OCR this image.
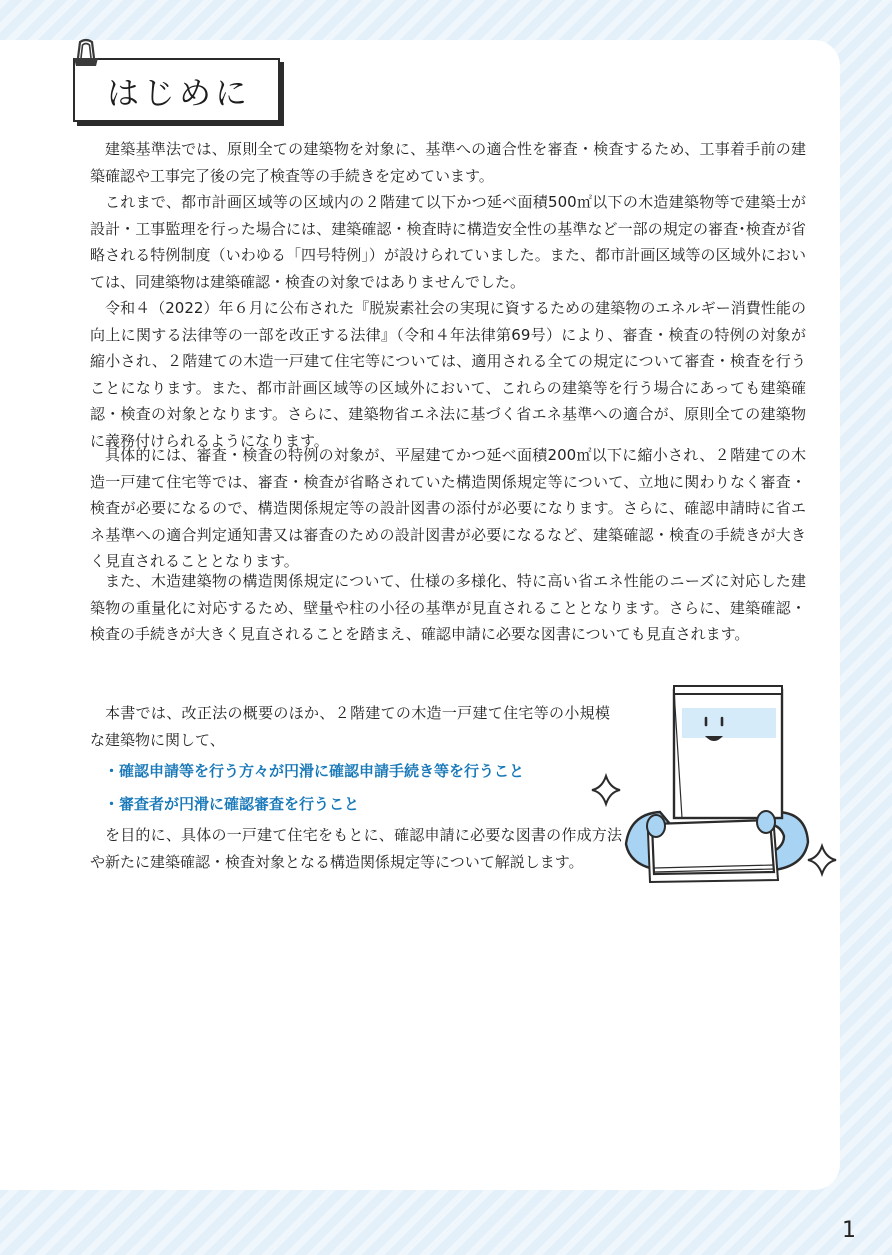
はじめに

建築基準法では、原則全ての建築物を対象に、基準への適合性を審査・検査するため、工事着手前の建築確認や工事完了後の完了検査等の手続きを定めています。

これまで、都市計画区域等の区域内の２階建て以下かつ延べ面積500㎡以下の木造建築物等で建築士が設計・工事監理を行った場合には、建築確認・検査時に構造安全性の基準など一部の規定の審査･検査が省略される特例制度（いわゆる「四号特例」）が設けられていました。また、都市計画区域等の区域外においては、同建築物は建築確認・検査の対象ではありませんでした。

令和４（2022）年６月に公布された『脱炭素社会の実現に資するための建築物のエネルギー消費性能の向上に関する法律等の一部を改正する法律』（令和４年法律第69号）により、審査・検査の特例の対象が縮小され、２階建ての木造一戸建て住宅等については、適用される全ての規定について審査・検査を行うことになります。また、都市計画区域等の区域外において、これらの建築等を行う場合にあっても建築確認・検査の対象となります。さらに、建築物省エネ法に基づく省エネ基準への適合が、原則全ての建築物に義務付けられるようになります。

具体的には、審査・検査の特例の対象が、平屋建てかつ延べ面積200㎡以下に縮小され、２階建ての木造一戸建て住宅等では、審査・検査が省略されていた構造関係規定等について、立地に関わりなく審査・検査が必要になるので、構造関係規定等の設計図書の添付が必要になります。さらに、確認申請時に省エネ基準への適合判定通知書又は審査のための設計図書が必要になるなど、建築確認・検査の手続きが大きく見直されることとなります。

また、木造建築物の構造関係規定について、仕様の多様化、特に高い省エネ性能のニーズに対応した建築物の重量化に対応するため、壁量や柱の小径の基準が見直されることとなります。さらに、建築確認・検査の手続きが大きく見直されることを踏まえ、確認申請に必要な図書についても見直されます。

本書では、改正法の概要のほか、２階建ての木造一戸建て住宅等の小規模な建築物に関して、

・確認申請等を行う方々が円滑に確認申請手続き等を行うこと

・審査者が円滑に確認審査を行うこと

を目的に、具体の一戸建て住宅をもとに、確認申請に必要な図書の作成方法や新たに建築確認・検査対象となる構造関係規定等について解説します。

1
